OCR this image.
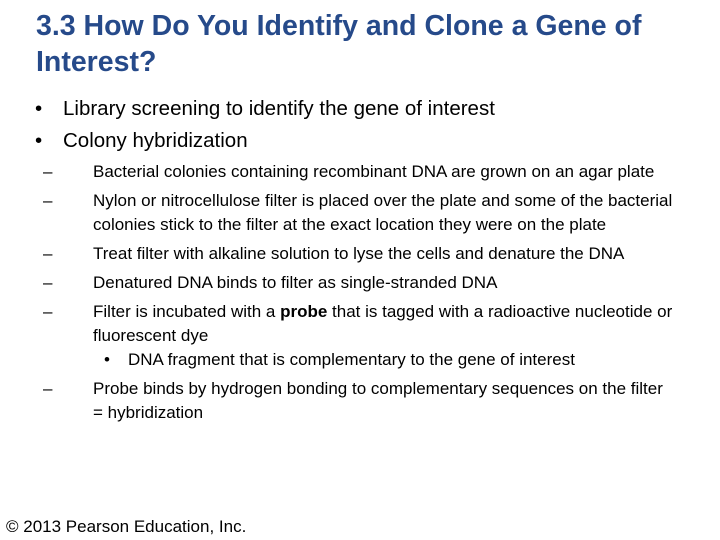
3.3 How Do You Identify and Clone a Gene of Interest?
• Library screening to identify the gene of interest
• Colony hybridization
– Bacterial colonies containing recombinant DNA are grown on an agar plate
– Nylon or nitrocellulose filter is placed over the plate and some of the bacterial colonies stick to the filter at the exact location they were on the plate
– Treat filter with alkaline solution to lyse the cells and denature the DNA
– Denatured DNA binds to filter as single-stranded DNA
– Filter is incubated with a probe that is tagged with a radioactive nucleotide or fluorescent dye
• DNA fragment that is complementary to the gene of interest
– Probe binds by hydrogen bonding to complementary sequences on the filter = hybridization
© 2013 Pearson Education, Inc.
